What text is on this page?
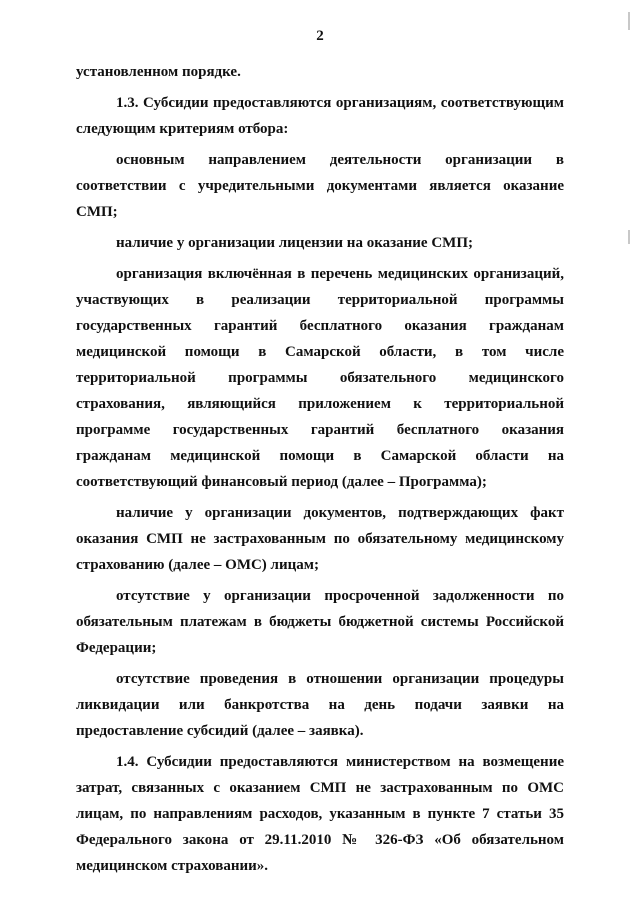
2

установленном порядке.

1.3. Субсидии предоставляются организациям, соответствующим следующим критериям отбора:

основным направлением деятельности организации в соответствии с учредительными документами является оказание СМП;

наличие у организации лицензии на оказание СМП;

организация включённая в перечень медицинских организаций, участвующих в реализации территориальной программы государственных гарантий бесплатного оказания гражданам медицинской помощи в Самарской области, в том числе территориальной программы обязательного медицинского страхования, являющийся приложением к территориальной программе государственных гарантий бесплатного оказания гражданам медицинской помощи в Самарской области на соответствующий финансовый период (далее – Программа);

наличие у организации документов, подтверждающих факт оказания СМП не застрахованным по обязательному медицинскому страхованию (далее – ОМС) лицам;

отсутствие у организации просроченной задолженности по обязательным платежам в бюджеты бюджетной системы Российской Федерации;

отсутствие проведения в отношении организации процедуры ликвидации или банкротства на день подачи заявки на предоставление субсидий (далее – заявка).

1.4. Субсидии предоставляются министерством на возмещение затрат, связанных с оказанием СМП не застрахованным по ОМС лицам, по направлениям расходов, указанным в пункте 7 статьи 35 Федерального закона от 29.11.2010 № 326-ФЗ «Об обязательном медицинском страховании».
